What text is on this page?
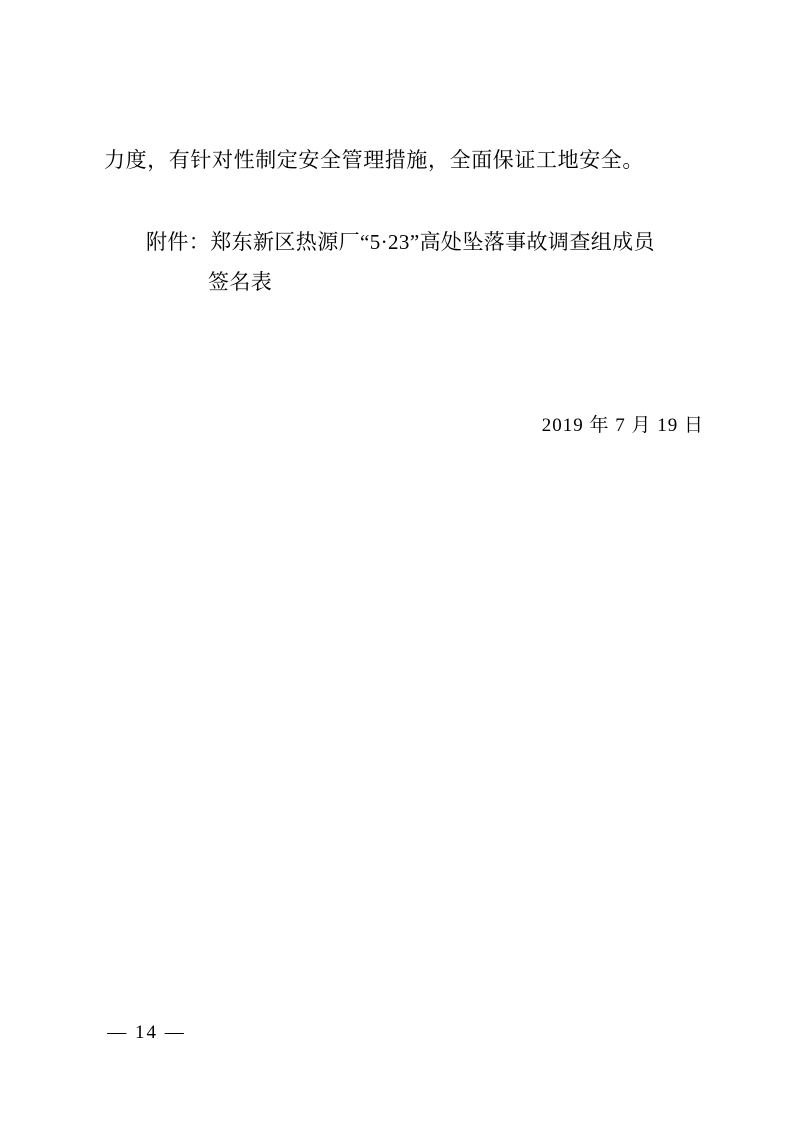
力度，有针对性制定安全管理措施，全面保证工地安全。
附件：郑东新区热源厂“5·23”高处坠落事故调查组成员
签名表
2019 年 7 月 19 日
— 14 —
